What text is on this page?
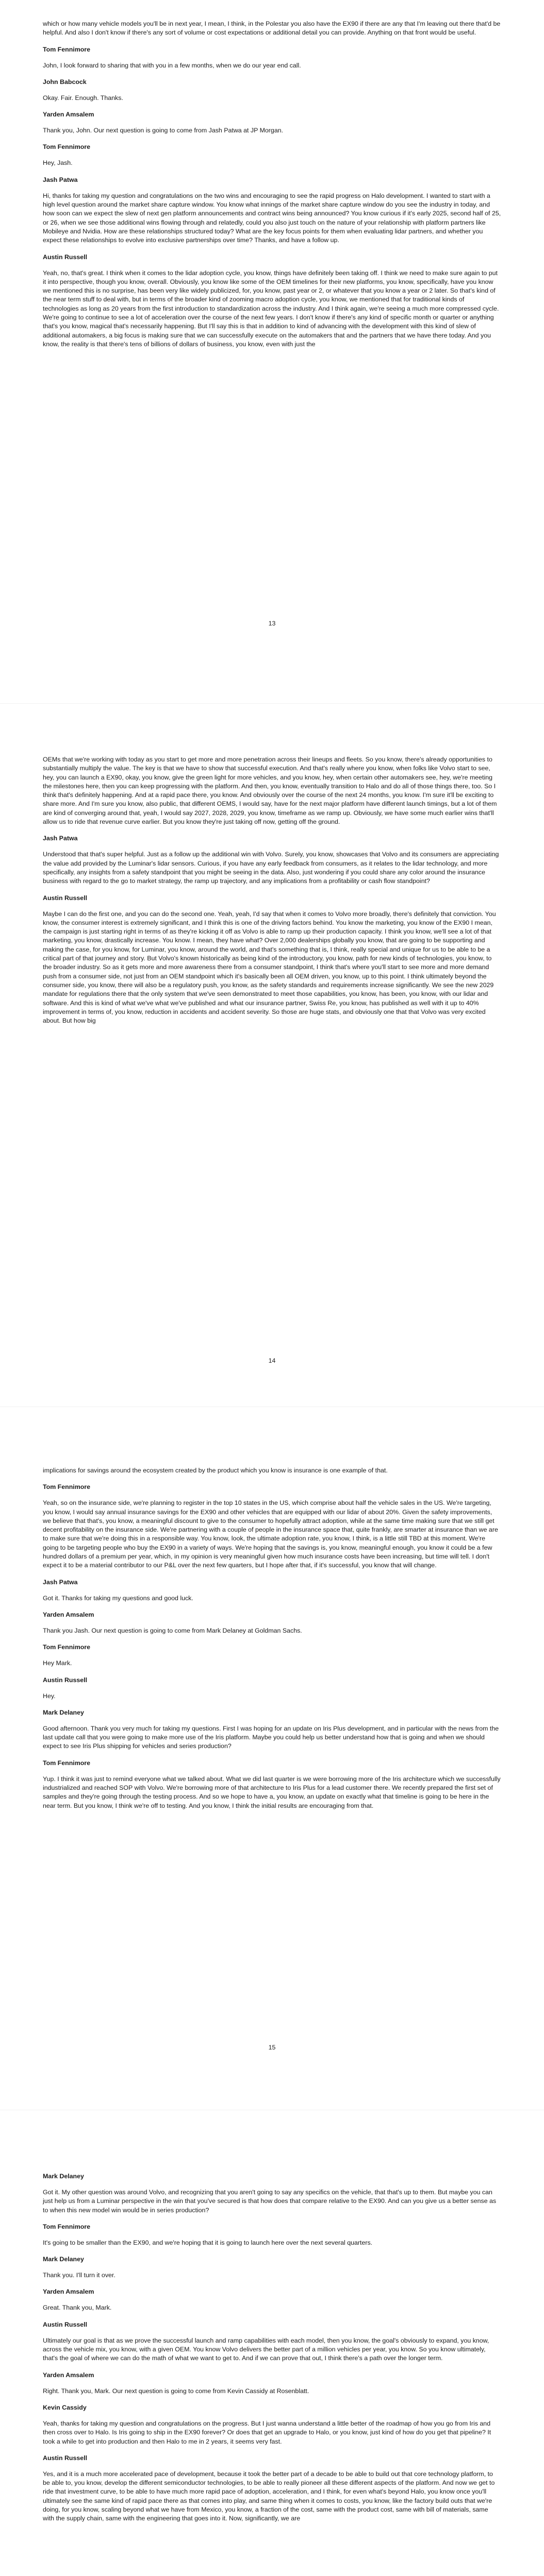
which or how many vehicle models you'll be in next year, I mean, I think, in the Polestar you also have the EX90 if there are any that I'm leaving out there that'd be helpful. And also I don't know if there's any sort of volume or cost expectations or additional detail you can provide. Anything on that front would be useful.
Tom Fennimore
John, I look forward to sharing that with you in a few months, when we do our year end call.
John Babcock
Okay. Fair. Enough. Thanks.
Yarden Amsalem
Thank you, John. Our next question is going to come from Jash Patwa at JP Morgan.
Tom Fennimore
Hey, Jash.
Jash Patwa
Hi, thanks for taking my question and congratulations on the two wins and encouraging to see the rapid progress on Halo development. I wanted to start with a high level question around the market share capture window. You know what innings of the market share capture window do you see the industry in today, and how soon can we expect the slew of next gen platform announcements and contract wins being announced? You know curious if it's early 2025, second half of 25, or 26, when we see those additional wins flowing through and relatedly, could you also just touch on the nature of your relationship with platform partners like Mobileye and Nvidia. How are these relationships structured today? What are the key focus points for them when evaluating lidar partners, and whether you expect these relationships to evolve into exclusive partnerships over time? Thanks, and have a follow up.
Austin Russell
Yeah, no, that's great. I think when it comes to the lidar adoption cycle, you know, things have definitely been taking off. I think we need to make sure again to put it into perspective, though you know, overall. Obviously, you know like some of the OEM timelines for their new platforms, you know, specifically, have you know we mentioned this is no surprise, has been very like widely publicized, for, you know, past year or 2, or whatever that you know a year or 2 later. So that's kind of the near term stuff to deal with, but in terms of the broader kind of zooming macro adoption cycle, you know, we mentioned that for traditional kinds of technologies as long as 20 years from the first introduction to standardization across the industry. And I think again, we're seeing a much more compressed cycle. We're going to continue to see a lot of acceleration over the course of the next few years. I don't know if there's any kind of specific month or quarter or anything that's you know, magical that's necessarily happening. But I'll say this is that in addition to kind of advancing with the development with this kind of slew of additional automakers, a big focus is making sure that we can successfully execute on the automakers that and the partners that we have there today. And you know, the reality is that there's tens of billions of dollars of business, you know, even with just the
13
OEMs that we're working with today as you start to get more and more penetration across their lineups and fleets. So you know, there's already opportunities to substantially multiply the value. The key is that we have to show that successful execution. And that's really where you know, when folks like Volvo start to see, hey, you can launch a EX90, okay, you know, give the green light for more vehicles, and you know, hey, when certain other automakers see, hey, we're meeting the milestones here, then you can keep progressing with the platform. And then, you know, eventually transition to Halo and do all of those things there, too. So I think that's definitely happening. And at a rapid pace there, you know. And obviously over the course of the next 24 months, you know. I'm sure it'll be exciting to share more. And I'm sure you know, also public, that different OEMS, I would say, have for the next major platform have different launch timings, but a lot of them are kind of converging around that, yeah, I would say 2027, 2028, 2029, you know, timeframe as we ramp up. Obviously, we have some much earlier wins that'll allow us to ride that revenue curve earlier. But you know they're just taking off now, getting off the ground.
Jash Patwa
Understood that that's super helpful. Just as a follow up the additional win with Volvo. Surely, you know, showcases that Volvo and its consumers are appreciating the value add provided by the Luminar's lidar sensors. Curious, if you have any early feedback from consumers, as it relates to the lidar technology, and more specifically, any insights from a safety standpoint that you might be seeing in the data. Also, just wondering if you could share any color around the insurance business with regard to the go to market strategy, the ramp up trajectory, and any implications from a profitability or cash flow standpoint?
Austin Russell
Maybe I can do the first one, and you can do the second one. Yeah, yeah, I'd say that when it comes to Volvo more broadly, there's definitely that conviction. You know, the consumer interest is extremely significant, and I think this is one of the driving factors behind. You know the marketing, you know of the EX90 I mean, the campaign is just starting right in terms of as they're kicking it off as Volvo is able to ramp up their production capacity. I think you know, we'll see a lot of that marketing, you know, drastically increase. You know. I mean, they have what? Over 2,000 dealerships globally you know, that are going to be supporting and making the case, for you know, for Luminar, you know, around the world, and that's something that is, I think, really special and unique for us to be able to be a critical part of that journey and story. But Volvo's known historically as being kind of the introductory, you know, path for new kinds of technologies, you know, to the broader industry. So as it gets more and more awareness there from a consumer standpoint, I think that's where you'll start to see more and more demand push from a consumer side, not just from an OEM standpoint which it's basically been all OEM driven, you know, up to this point. I think ultimately beyond the consumer side, you know, there will also be a regulatory push, you know, as the safety standards and requirements increase significantly. We see the new 2029 mandate for regulations there that the only system that we've seen demonstrated to meet those capabilities, you know, has been, you know, with our lidar and software. And this is kind of what we've what we've published and what our insurance partner, Swiss Re, you know, has published as well with it up to 40% improvement in terms of, you know, reduction in accidents and accident severity. So those are huge stats, and obviously one that that Volvo was very excited about. But how big
14
implications for savings around the ecosystem created by the product which you know is insurance is one example of that.
Tom Fennimore
Yeah, so on the insurance side, we're planning to register in the top 10 states in the US, which comprise about half the vehicle sales in the US. We're targeting, you know, I would say annual insurance savings for the EX90 and other vehicles that are equipped with our lidar of about 20%. Given the safety improvements, we believe that that's, you know, a meaningful discount to give to the consumer to hopefully attract adoption, while at the same time making sure that we still get decent profitability on the insurance side. We're partnering with a couple of people in the insurance space that, quite frankly, are smarter at insurance than we are to make sure that we're doing this in a responsible way. You know, look, the ultimate adoption rate, you know, I think, is a little still TBD at this moment. We're going to be targeting people who buy the EX90 in a variety of ways. We're hoping that the savings is, you know, meaningful enough, you know it could be a few hundred dollars of a premium per year, which, in my opinion is very meaningful given how much insurance costs have been increasing, but time will tell. I don't expect it to be a material contributor to our P&L over the next few quarters, but I hope after that, if it's successful, you know that will change.
Jash Patwa
Got it. Thanks for taking my questions and good luck.
Yarden Amsalem
Thank you Jash. Our next question is going to come from Mark Delaney at Goldman Sachs.
Tom Fennimore
Hey Mark.
Austin Russell
Hey.
Mark Delaney
Good afternoon. Thank you very much for taking my questions. First I was hoping for an update on Iris Plus development, and in particular with the news from the last update call that you were going to make more use of the Iris platform. Maybe you could help us better understand how that is going and when we should expect to see Iris Plus shipping for vehicles and series production?
Tom Fennimore
Yup. I think it was just to remind everyone what we talked about. What we did last quarter is we were borrowing more of the Iris architecture which we successfully industrialized and reached SOP with Volvo. We're borrowing more of that architecture to Iris Plus for a lead customer there. We recently prepared the first set of samples and they're going through the testing process. And so we hope to have a, you know, an update on exactly what that timeline is going to be here in the near term. But you know, I think we're off to testing. And you know, I think the initial results are encouraging from that.
15
Mark Delaney
Got it. My other question was around Volvo, and recognizing that you aren't going to say any specifics on the vehicle, that that's up to them. But maybe you can just help us from a Luminar perspective in the win that you've secured is that how does that compare relative to the EX90. And can you give us a better sense as to when this new model win would be in series production?
Tom Fennimore
It's going to be smaller than the EX90, and we're hoping that it is going to launch here over the next several quarters.
Mark Delaney
Thank you. I'll turn it over.
Yarden Amsalem
Great. Thank you, Mark.
Austin Russell
Ultimately our goal is that as we prove the successful launch and ramp capabilities with each model, then you know, the goal's obviously to expand, you know, across the vehicle mix, you know, with a given OEM. You know Volvo delivers the better part of a million vehicles per year, you know. So you know ultimately, that's the goal of where we can do the math of what we want to get to. And if we can prove that out, I think there's a path over the longer term.
Yarden Amsalem
Right. Thank you, Mark. Our next question is going to come from Kevin Cassidy at Rosenblatt.
Kevin Cassidy
Yeah, thanks for taking my question and congratulations on the progress. But I just wanna understand a little better of the roadmap of how you go from Iris and then cross over to Halo. Is Iris going to ship in the EX90 forever? Or does that get an upgrade to Halo, or you know, just kind of how do you get that pipeline? It took a while to get into production and then Halo to me in 2 years, it seems very fast.
Austin Russell
Yes, and it is a much more accelerated pace of development, because it took the better part of a decade to be able to build out that core technology platform, to be able to, you know, develop the different semiconductor technologies, to be able to really pioneer all these different aspects of the platform. And now we get to ride that investment curve, to be able to have much more rapid pace of adoption, acceleration, and I think, for even what's beyond Halo, you know once you'll ultimately see the same kind of rapid pace there as that comes into play, and same thing when it comes to costs, you know, like the factory build outs that we're doing, for you know, scaling beyond what we have from Mexico, you know, a fraction of the cost, same with the product cost, same with bill of materials, same with the supply chain, same with the engineering that goes into it. Now, significantly, we are
